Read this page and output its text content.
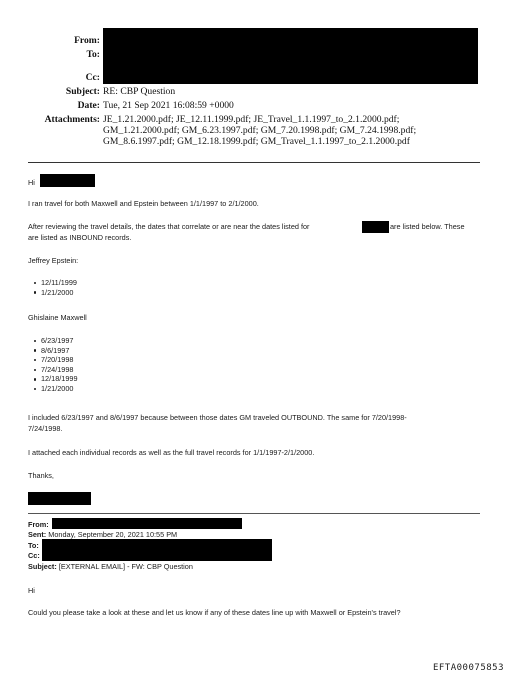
From:
To:
Cc:
Subject: RE: CBP Question
Date: Tue, 21 Sep 2021 16:08:59 +0000
Attachments: JE_1.21.2000.pdf; JE_12.11.1999.pdf; JE_Travel_1.1.1997_to_2.1.2000.pdf;
GM_1.21.2000.pdf; GM_6.23.1997.pdf; GM_7.20.1998.pdf; GM_7.24.1998.pdf;
GM_8.6.1997.pdf; GM_12.18.1999.pdf; GM_Travel_1.1.1997_to_2.1.2000.pdf
Hi
I ran travel for both Maxwell and Epstein between 1/1/1997 to 2/1/2000.
After reviewing the travel details, the dates that correlate or are near the dates listed for	are listed below. These
are listed as INBOUND records.
Jeffrey Epstein:
12/11/1999
1/21/2000
Ghislaine Maxwell
6/23/1997
8/6/1997
7/20/1998
7/24/1998
12/18/1999
1/21/2000
I included 6/23/1997 and 8/6/1997 because between those dates GM traveled OUTBOUND. The same for 7/20/1998-
7/24/1998.
I attached each individual records as well as the full travel records for 1/1/1997-2/1/2000.
Thanks,
From:
Sent: Monday, September 20, 2021 10:55 PM
To:
Cc:
Subject: [EXTERNAL EMAIL] - FW: CBP Question
Hi
Could you please take a look at these and let us know if any of these dates line up with Maxwell or Epstein's travel?
EFTA00075853
